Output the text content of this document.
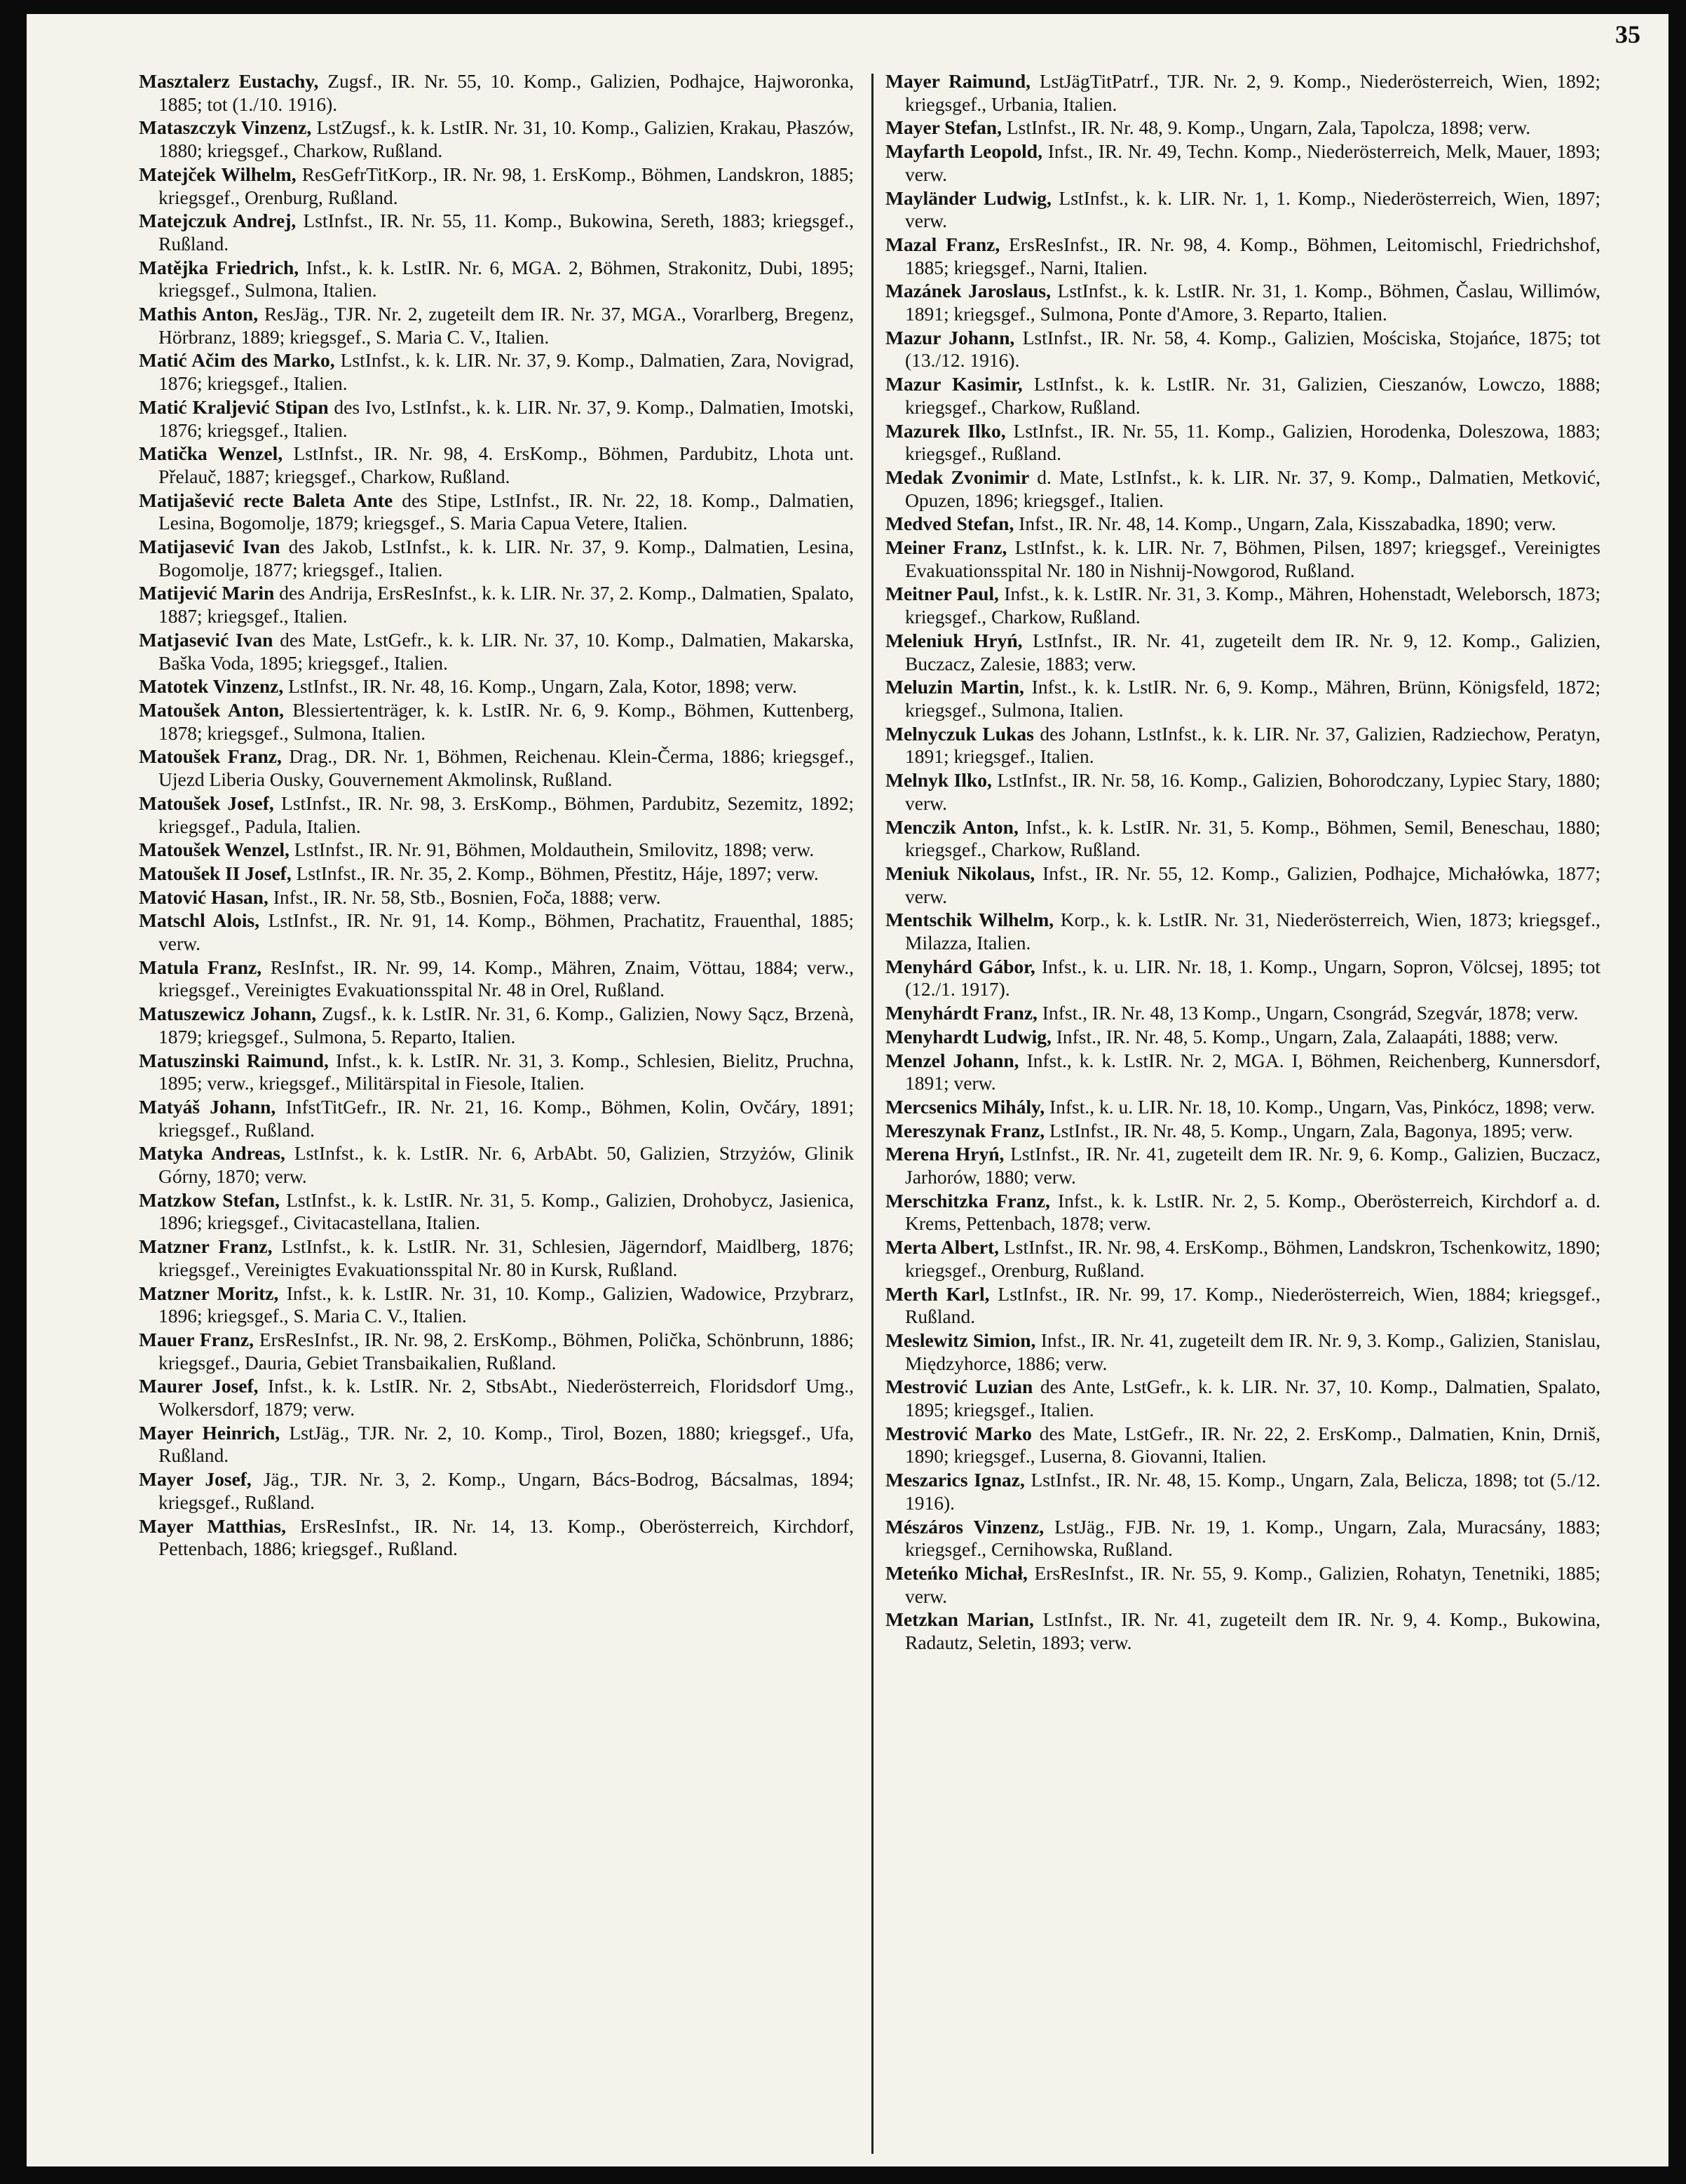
35

Masztalerz Eustachy, Zugsf., IR. Nr. 55, 10. Komp., Galizien, Podhajce, Hajworonka, 1885; tot (1./10. 1916).

Mataszczyk Vinzenz, LstZugsf., k. k. LstIR. Nr. 31, 10. Komp., Galizien, Krakau, Płaszów, 1880; kriegsgef., Charkow, Rußland.

Matejček Wilhelm, ResGefrTitKorp., IR. Nr. 98, 1. ErsKomp., Böhmen, Landskron, 1885; kriegsgef., Orenburg, Rußland.

Matejczuk Andrej, LstInfst., IR. Nr. 55, 11. Komp., Bukowina, Sereth, 1883; kriegsgef., Rußland.

Matějka Friedrich, Infst., k. k. LstIR. Nr. 6, MGA. 2, Böhmen, Strakonitz, Dubi, 1895; kriegsgef., Sulmona, Italien.

Mathis Anton, ResJäg., TJR. Nr. 2, zugeteilt dem IR. Nr. 37, MGA., Vorarlberg, Bregenz, Hörbranz, 1889; kriegsgef., S. Maria C. V., Italien.

Matić Ačim des Marko, LstInfst., k. k. LIR. Nr. 37, 9. Komp., Dalmatien, Zara, Novigrad, 1876; kriegsgef., Italien.

Matić Kraljević Stipan des Ivo, LstInfst., k. k. LIR. Nr. 37, 9. Komp., Dalmatien, Imotski, 1876; kriegsgef., Italien.

Matička Wenzel, LstInfst., IR. Nr. 98, 4. ErsKomp., Böhmen, Pardubitz, Lhota unt. Přelauč, 1887; kriegsgef., Charkow, Rußland.

Matijašević recte Baleta Ante des Stipe, LstInfst., IR. Nr. 22, 18. Komp., Dalmatien, Lesina, Bogomolje, 1879; kriegsgef., S. Maria Capua Vetere, Italien.

Matijasević Ivan des Jakob, LstInfst., k. k. LIR. Nr. 37, 9. Komp., Dalmatien, Lesina, Bogomolje, 1877; kriegsgef., Italien.

Matijević Marin des Andrija, ErsResInfst., k. k. LIR. Nr. 37, 2. Komp., Dalmatien, Spalato, 1887; kriegsgef., Italien.

Matjasević Ivan des Mate, LstGefr., k. k. LIR. Nr. 37, 10. Komp., Dalmatien, Makarska, Baška Voda, 1895; kriegsgef., Italien.

Matotek Vinzenz, LstInfst., IR. Nr. 48, 16. Komp., Ungarn, Zala, Kotor, 1898; verw.

Matoušek Anton, Blessiertenträger, k. k. LstIR. Nr. 6, 9. Komp., Böhmen, Kuttenberg, 1878; kriegsgef., Sulmona, Italien.

Matoušek Franz, Drag., DR. Nr. 1, Böhmen, Reichenau. Klein-Čerma, 1886; kriegsgef., Ujezd Liberia Ousky, Gouvernement Akmolinsk, Rußland.

Matoušek Josef, LstInfst., IR. Nr. 98, 3. ErsKomp., Böhmen, Pardubitz, Sezemitz, 1892; kriegsgef., Padula, Italien.

Matoušek Wenzel, LstInfst., IR. Nr. 91, Böhmen, Moldauthein, Smilovitz, 1898; verw.

Matoušek II Josef, LstInfst., IR. Nr. 35, 2. Komp., Böhmen, Přestitz, Háje, 1897; verw.

Matović Hasan, Infst., IR. Nr. 58, Stb., Bosnien, Foča, 1888; verw.

Matschl Alois, LstInfst., IR. Nr. 91, 14. Komp., Böhmen, Prachatitz, Frauenthal, 1885; verw.

Matula Franz, ResInfst., IR. Nr. 99, 14. Komp., Mähren, Znaim, Vöttau, 1884; verw., kriegsgef., Vereinigtes Evakuationsspital Nr. 48 in Orel, Rußland.

Matuszewicz Johann, Zugsf., k. k. LstIR. Nr. 31, 6. Komp., Galizien, Nowy Sącz, Brzenà, 1879; kriegsgef., Sulmona, 5. Reparto, Italien.

Matuszinski Raimund, Infst., k. k. LstIR. Nr. 31, 3. Komp., Schlesien, Bielitz, Pruchna, 1895; verw., kriegsgef., Militärspital in Fiesole, Italien.

Matyáš Johann, InfstTitGefr., IR. Nr. 21, 16. Komp., Böhmen, Kolin, Ovčáry, 1891; kriegsgef., Rußland.

Matyka Andreas, LstInfst., k. k. LstIR. Nr. 6, ArbAbt. 50, Galizien, Strzyżów, Glinik Górny, 1870; verw.

Matzkow Stefan, LstInfst., k. k. LstIR. Nr. 31, 5. Komp., Galizien, Drohobycz, Jasienica, 1896; kriegsgef., Civitacastellana, Italien.

Matzner Franz, LstInfst., k. k. LstIR. Nr. 31, Schlesien, Jägerndorf, Maidlberg, 1876; kriegsgef., Vereinigtes Evakuationsspital Nr. 80 in Kursk, Rußland.

Matzner Moritz, Infst., k. k. LstIR. Nr. 31, 10. Komp., Galizien, Wadowice, Przybrarz, 1896; kriegsgef., S. Maria C. V., Italien.

Mauer Franz, ErsResInfst., IR. Nr. 98, 2. ErsKomp., Böhmen, Polička, Schönbrunn, 1886; kriegsgef., Dauria, Gebiet Transbaikalien, Rußland.

Maurer Josef, Infst., k. k. LstIR. Nr. 2, StbsAbt., Niederösterreich, Floridsdorf Umg., Wolkersdorf, 1879; verw.

Mayer Heinrich, LstJäg., TJR. Nr. 2, 10. Komp., Tirol, Bozen, 1880; kriegsgef., Ufa, Rußland.

Mayer Josef, Jäg., TJR. Nr. 3, 2. Komp., Ungarn, Bács-Bodrog, Bácsalmas, 1894; kriegsgef., Rußland.

Mayer Matthias, ErsResInfst., IR. Nr. 14, 13. Komp., Oberösterreich, Kirchdorf, Pettenbach, 1886; kriegsgef., Rußland.

Mayer Raimund, LstJägTitPatrf., TJR. Nr. 2, 9. Komp., Niederösterreich, Wien, 1892; kriegsgef., Urbania, Italien.

Mayer Stefan, LstInfst., IR. Nr. 48, 9. Komp., Ungarn, Zala, Tapolcza, 1898; verw.

Mayfarth Leopold, Infst., IR. Nr. 49, Techn. Komp., Niederösterreich, Melk, Mauer, 1893; verw.

Mayländer Ludwig, LstInfst., k. k. LIR. Nr. 1, 1. Komp., Niederösterreich, Wien, 1897; verw.

Mazal Franz, ErsResInfst., IR. Nr. 98, 4. Komp., Böhmen, Leitomischl, Friedrichshof, 1885; kriegsgef., Narni, Italien.

Mazánek Jaroslaus, LstInfst., k. k. LstIR. Nr. 31, 1. Komp., Böhmen, Časlau, Willimów, 1891; kriegsgef., Sulmona, Ponte d'Amore, 3. Reparto, Italien.

Mazur Johann, LstInfst., IR. Nr. 58, 4. Komp., Galizien, Mościska, Stojańce, 1875; tot (13./12. 1916).

Mazur Kasimir, LstInfst., k. k. LstIR. Nr. 31, Galizien, Cieszanów, Lowczo, 1888; kriegsgef., Charkow, Rußland.

Mazurek Ilko, LstInfst., IR. Nr. 55, 11. Komp., Galizien, Horodenka, Doleszowa, 1883; kriegsgef., Rußland.

Medak Zvonimir d. Mate, LstInfst., k. k. LIR. Nr. 37, 9. Komp., Dalmatien, Metković, Opuzen, 1896; kriegsgef., Italien.

Medved Stefan, Infst., IR. Nr. 48, 14. Komp., Ungarn, Zala, Kisszabadka, 1890; verw.

Meiner Franz, LstInfst., k. k. LIR. Nr. 7, Böhmen, Pilsen, 1897; kriegsgef., Vereinigtes Evakuationsspital Nr. 180 in Nishnij-Nowgorod, Rußland.

Meitner Paul, Infst., k. k. LstIR. Nr. 31, 3. Komp., Mähren, Hohenstadt, Weleborsch, 1873; kriegsgef., Charkow, Rußland.

Meleniuk Hryń, LstInfst., IR. Nr. 41, zugeteilt dem IR. Nr. 9, 12. Komp., Galizien, Buczacz, Zalesie, 1883; verw.

Meluzin Martin, Infst., k. k. LstIR. Nr. 6, 9. Komp., Mähren, Brünn, Königsfeld, 1872; kriegsgef., Sulmona, Italien.

Melnyczuk Lukas des Johann, LstInfst., k. k. LIR. Nr. 37, Galizien, Radziechow, Peratyn, 1891; kriegsgef., Italien.

Melnyk Ilko, LstInfst., IR. Nr. 58, 16. Komp., Galizien, Bohorodczany, Lypiec Stary, 1880; verw.

Menczik Anton, Infst., k. k. LstIR. Nr. 31, 5. Komp., Böhmen, Semil, Beneschau, 1880; kriegsgef., Charkow, Rußland.

Meniuk Nikolaus, Infst., IR. Nr. 55, 12. Komp., Galizien, Podhajce, Michałówka, 1877; verw.

Mentschik Wilhelm, Korp., k. k. LstIR. Nr. 31, Niederösterreich, Wien, 1873; kriegsgef., Milazza, Italien.

Menyhárd Gábor, Infst., k. u. LIR. Nr. 18, 1. Komp., Ungarn, Sopron, Völcsej, 1895; tot (12./1. 1917).

Menyhárdt Franz, Infst., IR. Nr. 48, 13 Komp., Ungarn, Csongrád, Szegvár, 1878; verw.

Menyhardt Ludwig, Infst., IR. Nr. 48, 5. Komp., Ungarn, Zala, Zalaapáti, 1888; verw.

Menzel Johann, Infst., k. k. LstIR. Nr. 2, MGA. I, Böhmen, Reichenberg, Kunnersdorf, 1891; verw.

Mercsenics Mihály, Infst., k. u. LIR. Nr. 18, 10. Komp., Ungarn, Vas, Pinkócz, 1898; verw.

Mereszynak Franz, LstInfst., IR. Nr. 48, 5. Komp., Ungarn, Zala, Bagonya, 1895; verw.

Merena Hryń, LstInfst., IR. Nr. 41, zugeteilt dem IR. Nr. 9, 6. Komp., Galizien, Buczacz, Jarhorów, 1880; verw.

Merschitzka Franz, Infst., k. k. LstIR. Nr. 2, 5. Komp., Oberösterreich, Kirchdorf a. d. Krems, Pettenbach, 1878; verw.

Merta Albert, LstInfst., IR. Nr. 98, 4. ErsKomp., Böhmen, Landskron, Tschenkowitz, 1890; kriegsgef., Orenburg, Rußland.

Merth Karl, LstInfst., IR. Nr. 99, 17. Komp., Niederösterreich, Wien, 1884; kriegsgef., Rußland.

Meslewitz Simion, Infst., IR. Nr. 41, zugeteilt dem IR. Nr. 9, 3. Komp., Galizien, Stanislau, Międzyhorce, 1886; verw.

Mestrović Luzian des Ante, LstGefr., k. k. LIR. Nr. 37, 10. Komp., Dalmatien, Spalato, 1895; kriegsgef., Italien.

Mestrović Marko des Mate, LstGefr., IR. Nr. 22, 2. ErsKomp., Dalmatien, Knin, Drniš, 1890; kriegsgef., Luserna, 8. Giovanni, Italien.

Meszarics Ignaz, LstInfst., IR. Nr. 48, 15. Komp., Ungarn, Zala, Belicza, 1898; tot (5./12. 1916).

Mészáros Vinzenz, LstJäg., FJB. Nr. 19, 1. Komp., Ungarn, Zala, Muracsány, 1883; kriegsgef., Cernihowska, Rußland.

Meteńko Michał, ErsResInfst., IR. Nr. 55, 9. Komp., Galizien, Rohatyn, Tenetniki, 1885; verw.

Metzkan Marian, LstInfst., IR. Nr. 41, zugeteilt dem IR. Nr. 9, 4. Komp., Bukowina, Radautz, Seletin, 1893; verw.
